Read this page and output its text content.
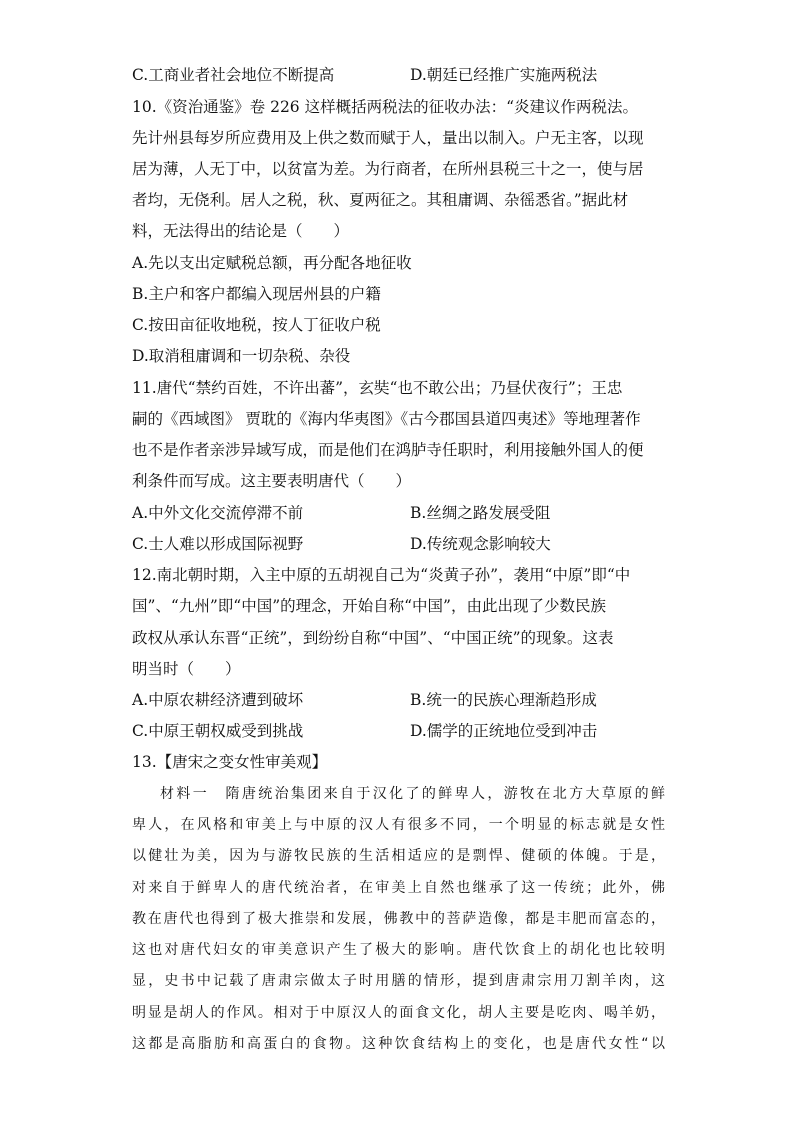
C.工商业者社会地位不断提高	D.朝廷已经推广实施两税法
10.《资治通鉴》卷 226 这样概括两税法的征收办法：“炎建议作两税法。
先计州县每岁所应费用及上供之数而赋于人，量出以制入。户无主客，以现
居为薄，人无丁中，以贫富为差。为行商者，在所州县税三十之一，使与居
者均，无侥利。居人之税，秋、夏两征之。其租庸调、杂徭悉省。”据此材
料，无法得出的结论是（　　）
A.先以支出定赋税总额，再分配各地征收
B.主户和客户都编入现居州县的户籍
C.按田亩征收地税，按人丁征收户税
D.取消租庸调和一切杂税、杂役
11.唐代“禁约百姓，不许出蕃”，玄奘“也不敢公出；乃昼伏夜行”；王忠
嗣的《西域图》 贾耽的《海内华夷图》《古今郡国县道四夷述》等地理著作
也不是作者亲涉异域写成，而是他们在鸿胪寺任职时，利用接触外国人的便
利条件而写成。这主要表明唐代（　　）
A.中外文化交流停滞不前	B.丝绸之路发展受阻
C.士人难以形成国际视野	D.传统观念影响较大
12.南北朝时期，入主中原的五胡视自己为“炎黄子孙”，袭用“中原”即“中
国”、“九州”即“中国”的理念，开始自称“中国”，由此出现了少数民族
政权从承认东晋“正统”，到纷纷自称“中国”、“中国正统”的现象。这表
明当时（　　）
A.中原农耕经济遭到破坏	B.统一的民族心理渐趋形成
C.中原王朝权威受到挑战	D.儒学的正统地位受到冲击
13.【唐宋之变女性审美观】
材料一　隋唐统治集团来自于汉化了的鲜卑人，游牧在北方大草原的鲜
卑人，在风格和审美上与中原的汉人有很多不同，一个明显的标志就是女性
以健壮为美，因为与游牧民族的生活相适应的是剽悍、健硕的体魄。于是，
对来自于鲜卑人的唐代统治者，在审美上自然也继承了这一传统；此外，佛
教在唐代也得到了极大推崇和发展，佛教中的菩萨造像，都是丰肥而富态的，
这也对唐代妇女的审美意识产生了极大的影响。唐代饮食上的胡化也比较明
显，史书中记载了唐肃宗做太子时用膳的情形，提到唐肃宗用刀割羊肉，这
明显是胡人的作风。相对于中原汉人的面食文化，胡人主要是吃肉、喝羊奶，
这都是高脂肪和高蛋白的食物。这种饮食结构上的变化，也是唐代女性“以
